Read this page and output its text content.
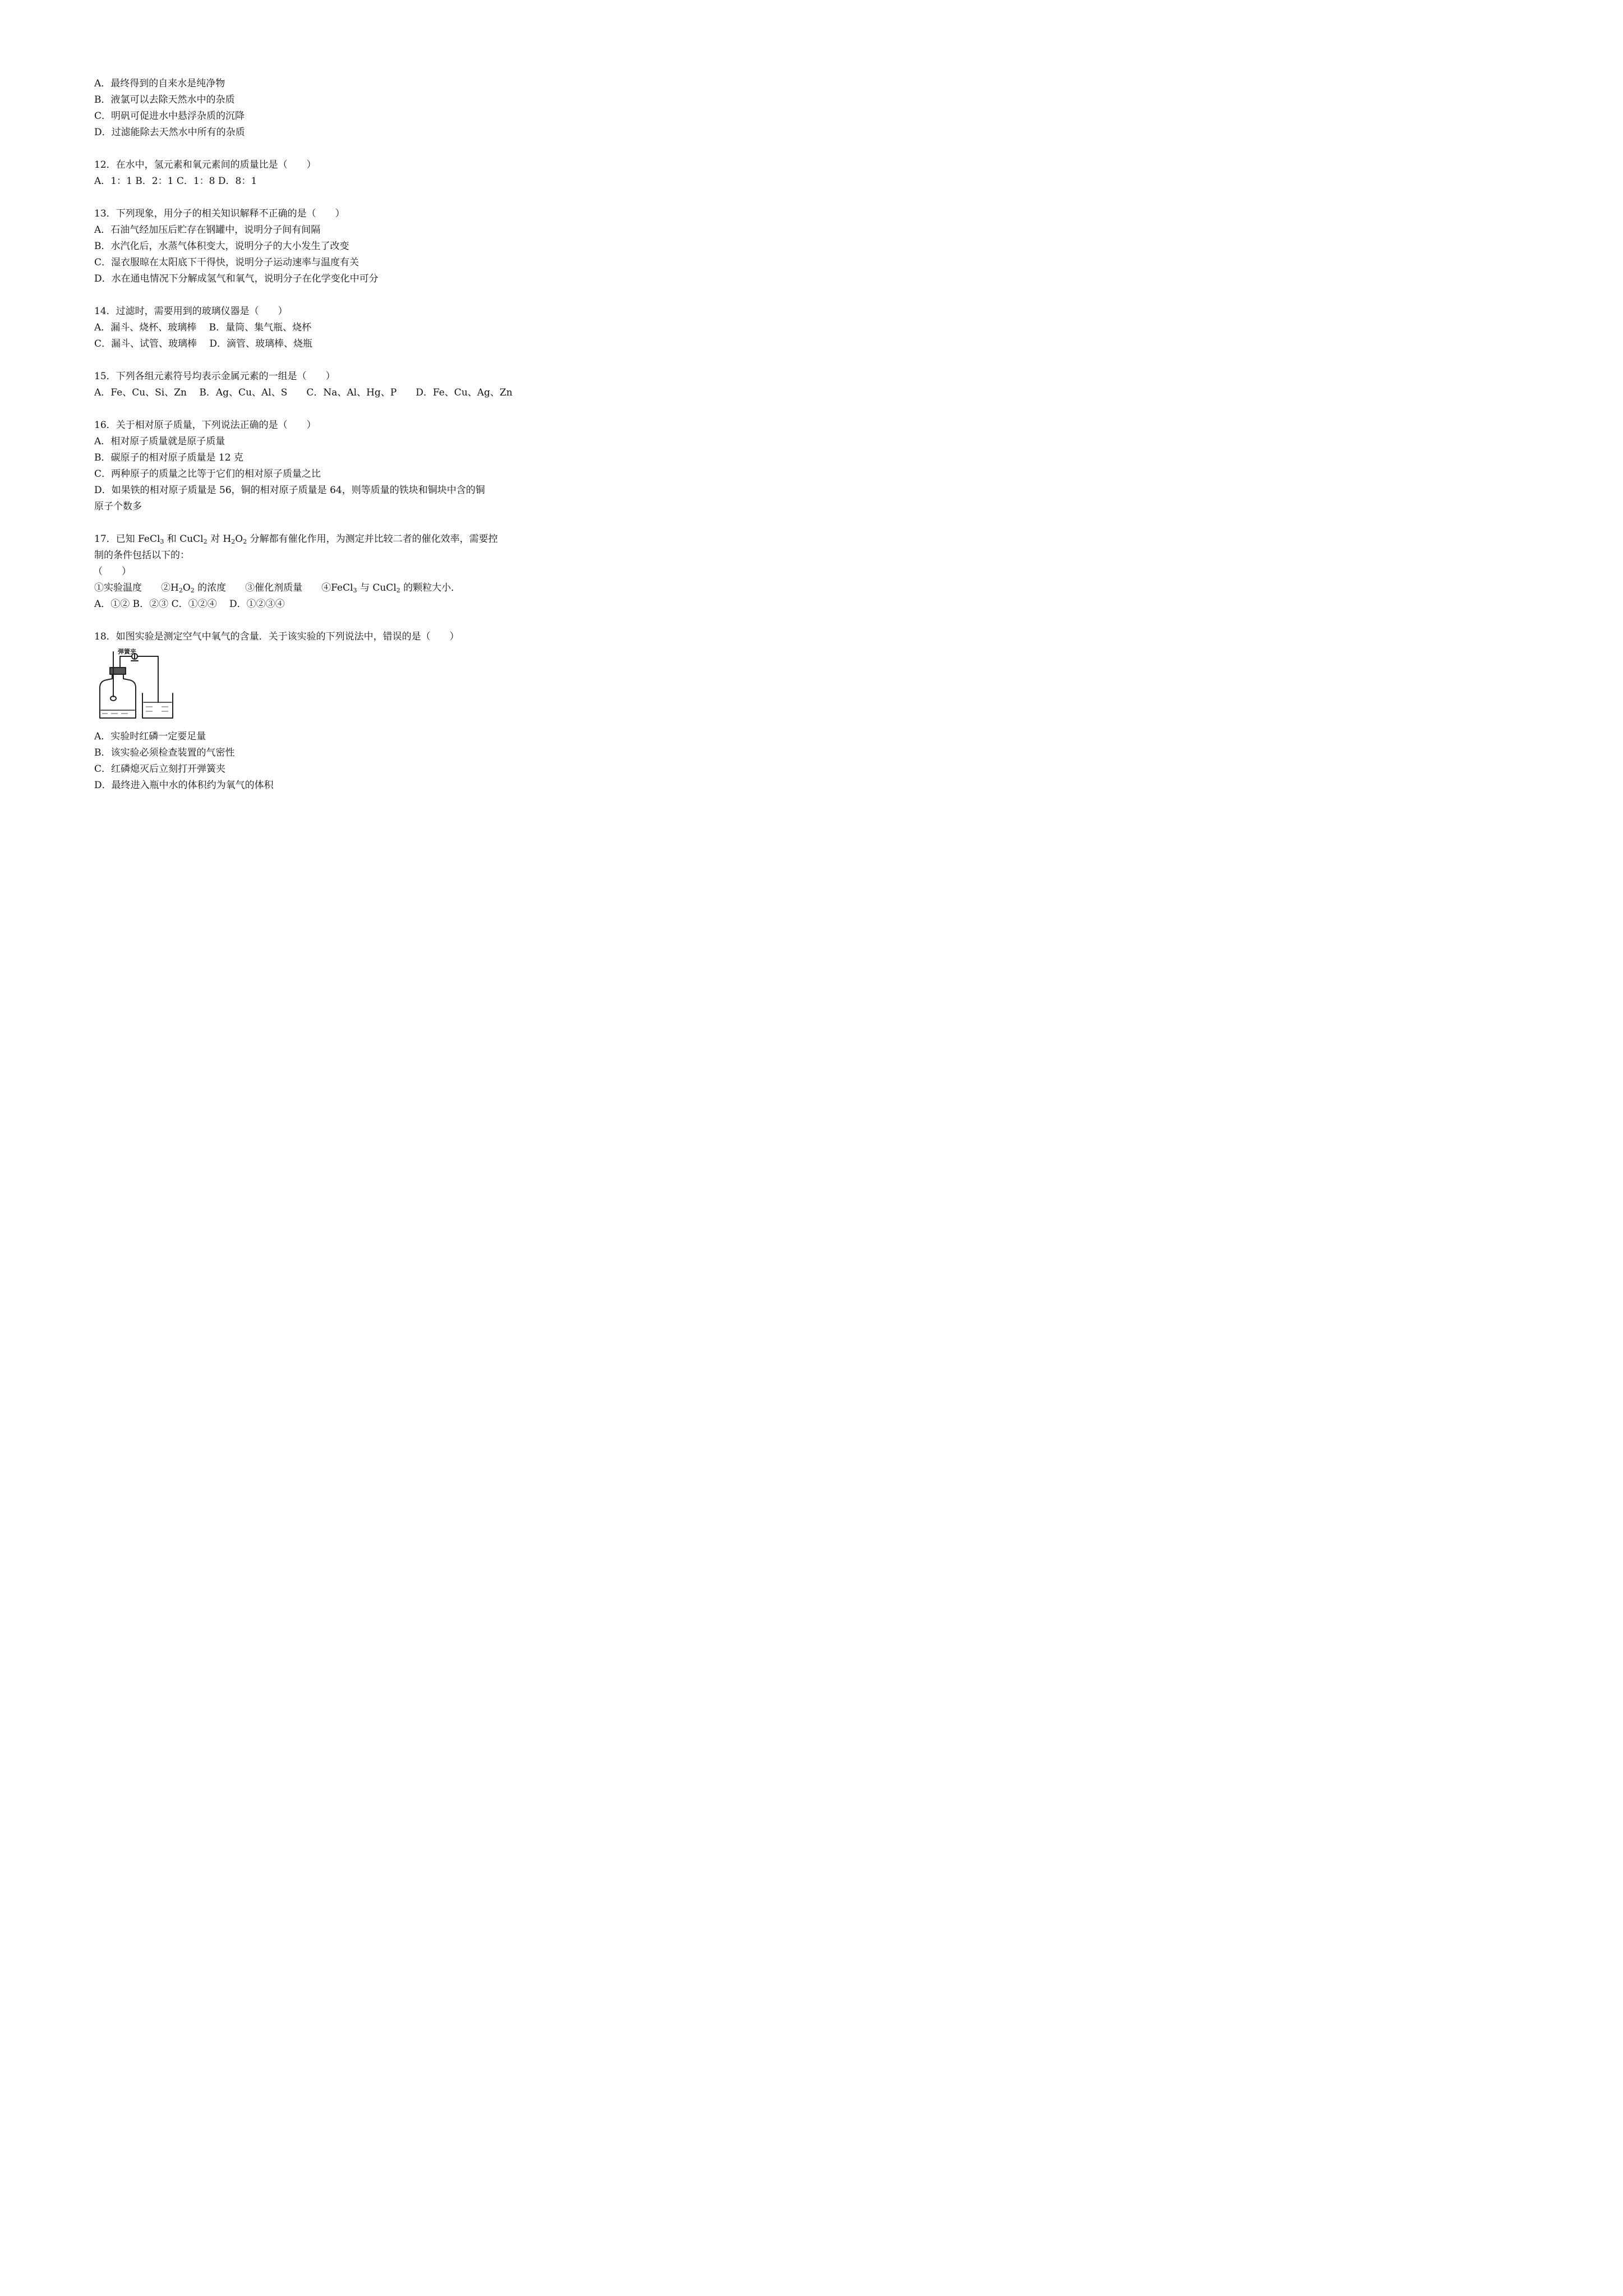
A．最终得到的自来水是纯净物
B．液氯可以去除天然水中的杂质
C．明矾可促进水中悬浮杂质的沉降
D．过滤能除去天然水中所有的杂质
12．在水中，氢元素和氧元素间的质量比是（　　）
A．1：1 B．2：1 C．1：8 D．8：1
13．下列现象，用分子的相关知识解释不正确的是（　　）
A．石油气经加压后贮存在钢罐中，说明分子间有间隔
B．水汽化后，水蒸气体积变大，说明分子的大小发生了改变
C．湿衣服晾在太阳底下干得快，说明分子运动速率与温度有关
D．水在通电情况下分解成氢气和氧气，说明分子在化学变化中可分
14．过滤时，需要用到的玻璃仪器是（　　）
A．漏斗、烧杯、玻璃棒　 B．量筒、集气瓶、烧杯
C．漏斗、试管、玻璃棒　 D．滴管、玻璃棒、烧瓶
15．下列各组元素符号均表示金属元素的一组是（　　）
A．Fe、Cu、Si、Zn　 B．Ag、Cu、Al、S　　C．Na、Al、Hg、P　　D．Fe、Cu、Ag、Zn
16．关于相对原子质量，下列说法正确的是（　　）
A．相对原子质量就是原子质量
B．碳原子的相对原子质量是 12 克
C．两种原子的质量之比等于它们的相对原子质量之比
D．如果铁的相对原子质量是 56，铜的相对原子质量是 64，则等质量的铁块和铜块中含的铜
原子个数多
17．已知 FeCl$_3$ 和 CuCl$_2$ 对 $H_2O_2$ 分解都有催化作用，为测定并比较二者的催化效率，需要控
制的条件包括以下的：
（　　）
①实验温度　　$②H_2O_2$ 的浓度　　③催化剂质量　　④FeCl$_3$ 与 CuCl$_2$ 的颗粒大小．
A．①② B．②③ C．①②④　 D．①②③④
18．如图实验是测定空气中氧气的含量．关于该实验的下列说法中，错误的是（　　）
弹簧夹
A．实验时红磷一定要足量
B．该实验必须检查装置的气密性
C．红磷熄灭后立刻打开弹簧夹
D．最终进入瓶中水的体积约为氧气的体积
